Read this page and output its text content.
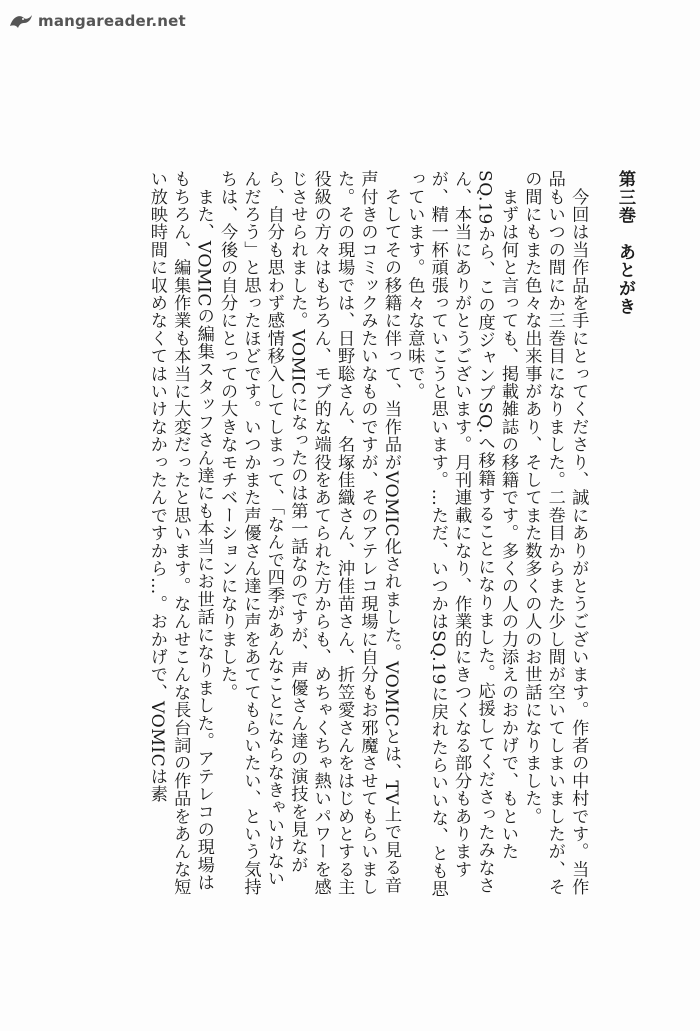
mangareader.net
第三巻　あとがき

　今回は当作品を手にとってくださり、誠にありがとうございます。作者の中村です。当作品もいつの間にか三巻目になりました。二巻目からまた少し間が空いてしまいましたが、その間にもまた色々な出来事があり、そしてまた数多くの人のお世話になりました。
　まずは何と言っても、掲載雑誌の移籍です。多くの人の力添えのおかげで、もといたSQ.19から、この度ジャンプSQ.へ移籍することになりました。応援してくださったみなさん、本当にありがとうございます。月刊連載になり、作業的にきつくなる部分もありますが、精一杯頑張っていこうと思います。…ただ、いつかはSQ.19に戻れたらいいな、とも思っています。色々な意味で。
　そしてその移籍に伴って、当作品がVOMIC化されました。VOMICとは、TV上で見る音声付きのコミックみたいなものですが、そのアテレコ現場に自分もお邪魔させてもらいました。その現場では、日野聡さん、名塚佳織さん、沖佳苗さん、折笠愛さんをはじめとする主役級の方々はもちろん、モブ的な端役をあてられた方からも、めちゃくちゃ熱いパワーを感じさせられました。VOMICになったのは第一話なのですが、声優さん達の演技を見ながら、自分も思わず感情移入してしまって、「なんで四季があんなことにならなきゃいけないんだろう」と思ったほどです。いつかまた声優さん達に声をあててもらいたい、という気持ちは、今後の自分にとっての大きなモチベーションになりました。
　また、VOMICの編集スタッフさん達にも本当にお世話になりました。アテレコの現場はもちろん、編集作業も本当に大変だったと思います。なんせこんな長台詞の作品をあんな短い放映時間に収めなくてはいけなかったんですから…。おかげで、VOMICは素
